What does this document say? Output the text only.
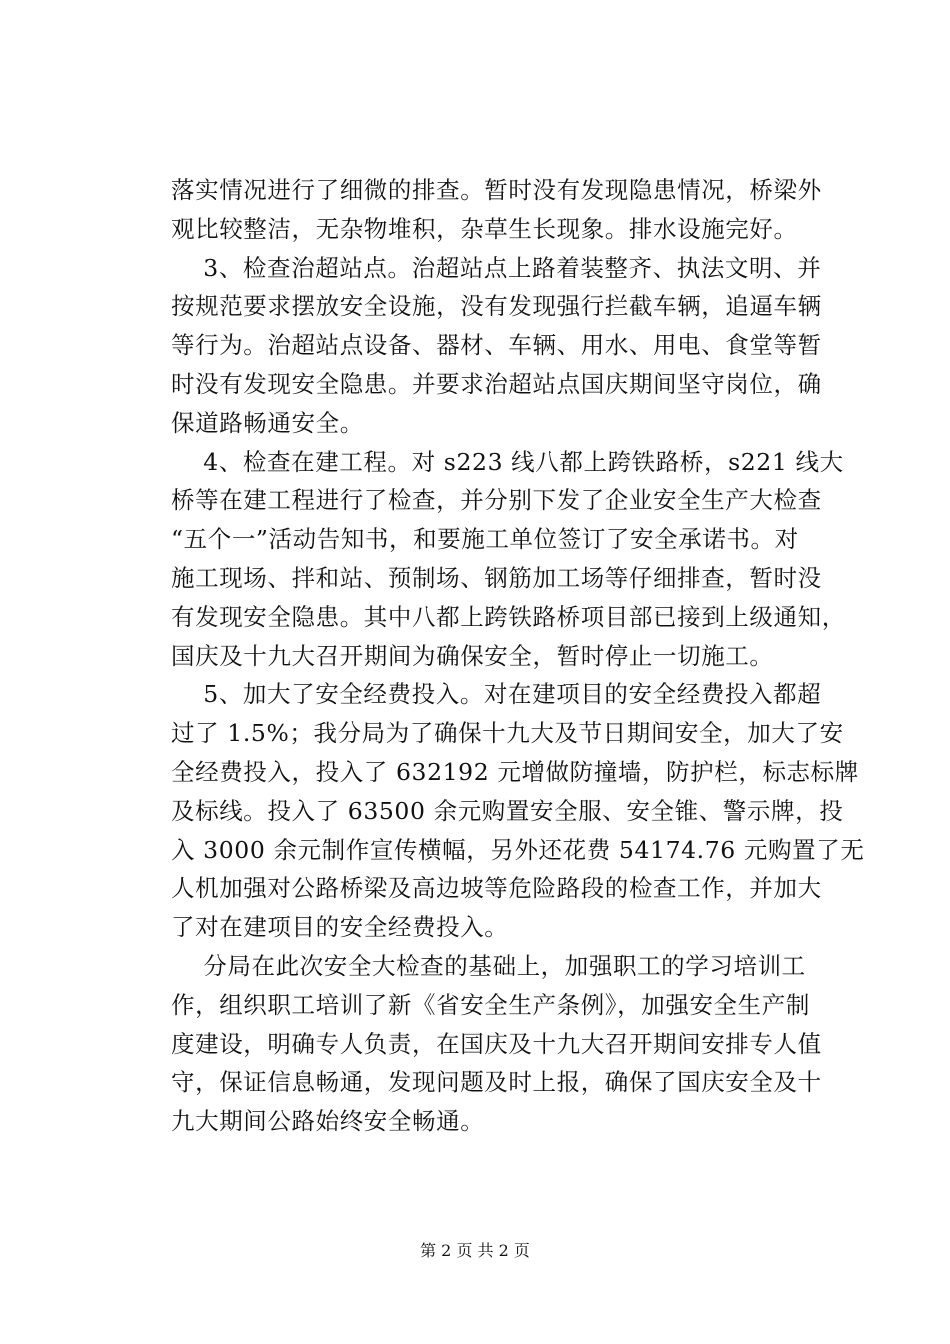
落实情况进行了细微的排查。暂时没有发现隐患情况，桥梁外
观比较整洁，无杂物堆积，杂草生长现象。排水设施完好。
3、检查治超站点。治超站点上路着装整齐、执法文明、并
按规范要求摆放安全设施，没有发现强行拦截车辆，追逼车辆
等行为。治超站点设备、器材、车辆、用水、用电、食堂等暂
时没有发现安全隐患。并要求治超站点国庆期间坚守岗位，确
保道路畅通安全。
4、检查在建工程。对 s223 线八都上跨铁路桥，s221 线大
桥等在建工程进行了检查，并分别下发了企业安全生产大检查
“五个一”活动告知书，和要施工单位签订了安全承诺书。对
施工现场、拌和站、预制场、钢筋加工场等仔细排查，暂时没
有发现安全隐患。其中八都上跨铁路桥项目部已接到上级通知，
国庆及十九大召开期间为确保安全，暂时停止一切施工。
5、加大了安全经费投入。对在建项目的安全经费投入都超
过了 1.5%；我分局为了确保十九大及节日期间安全，加大了安
全经费投入，投入了 632192 元增做防撞墙，防护栏，标志标牌
及标线。投入了 63500 余元购置安全服、安全锥、警示牌，投
入 3000 余元制作宣传横幅，另外还花费 54174.76 元购置了无
人机加强对公路桥梁及高边坡等危险路段的检查工作，并加大
了对在建项目的安全经费投入。
分局在此次安全大检查的基础上，加强职工的学习培训工
作，组织职工培训了新《省安全生产条例》，加强安全生产制
度建设，明确专人负责，在国庆及十九大召开期间安排专人值
守，保证信息畅通，发现问题及时上报，确保了国庆安全及十
九大期间公路始终安全畅通。
第 2 页 共 2 页
